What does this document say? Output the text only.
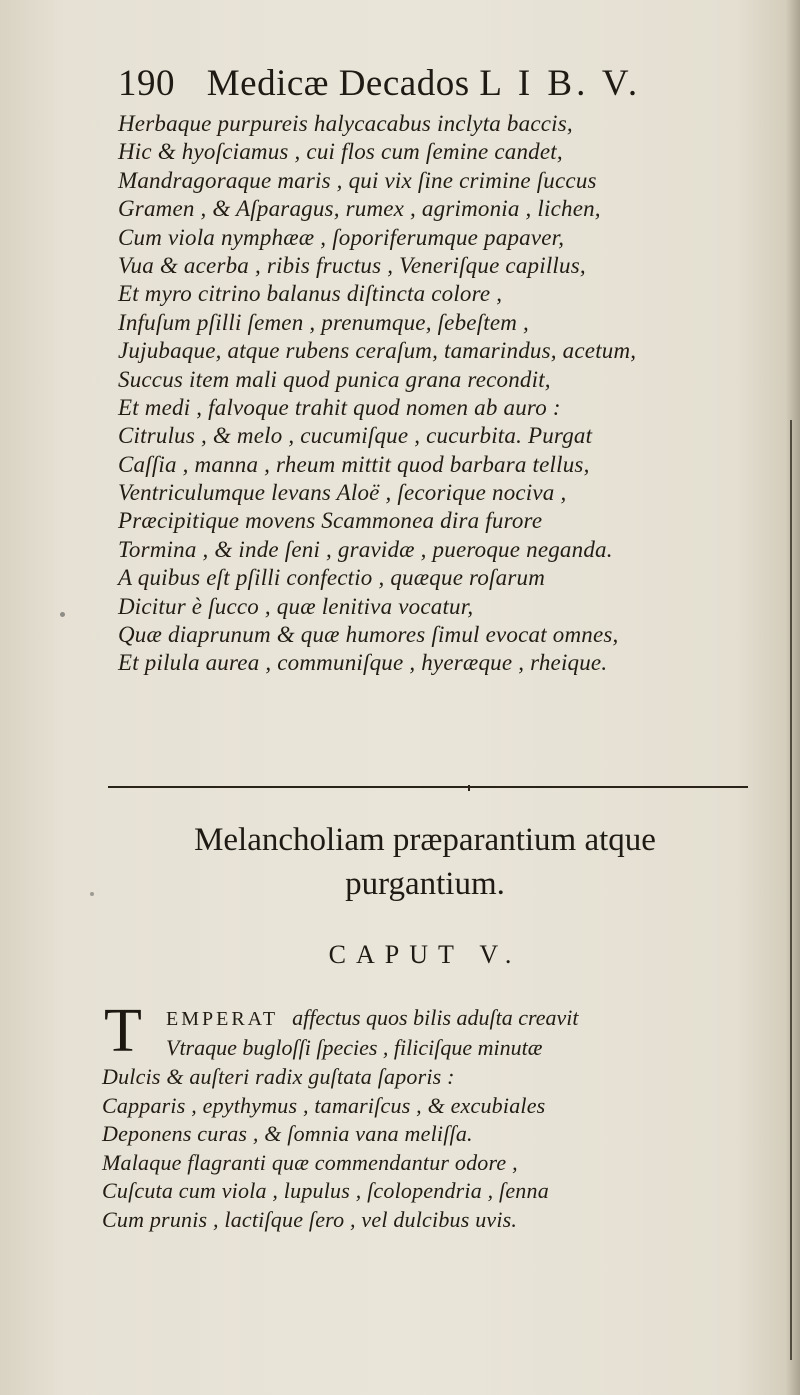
190 Medicæ Decados L I B. V.
Herbaque purpureis halycacabus inclyta baccis,
Hic & hyoſciamus , cui flos cum ſemine candet,
Mandragoraque maris , qui vix ſine crimine ſuccus
Gramen , & Aſparagus, rumex , agrimonia , lichen,
Cum viola nymphææ , ſoporiferumque papaver,
Vua & acerba , ribis fructus , Veneriſque capillus,
Et myro citrino balanus diſtincta colore ,
Infuſum pſilli ſemen , prenumque, ſebeſtem ,
Jujubaque, atque rubens ceraſum, tamarindus, acetum,
Succus item mali quod punica grana recondit,
Et medi , falvoque trahit quod nomen ab auro :
Citrulus , & melo , cucumiſque , cucurbita. Purgat
Caſſia , manna , rheum mittit quod barbara tellus,
Ventriculumque levans Aloë , ſecorique nociva ,
Præcipitique movens Scammonea dira furore
Tormina , & inde ſeni , gravidæ , pueroque neganda.
A quibus eſt pſilli confectio , quæque roſarum
Dicitur è ſucco , quæ lenitiva vocatur,
Quæ diaprunum & quæ humores ſimul evocat omnes,
Et pilula aurea , communiſque , hyeræque , rheique.
Melancholiam præparantium atque
purgantium.
CAPUT V.
T EMPERAT affectus quos bilis aduſta creavit
Vtraque bugloſſi ſpecies , filiciſque minutæ
Dulcis & auſteri radix guſtata ſaporis :
Capparis , epythymus , tamariſcus , & excubiales
Deponens curas , & ſomnia vana meliſſa.
Malaque flagranti quæ commendantur odore ,
Cuſcuta cum viola , lupulus , ſcolopendria , ſenna
Cum prunis , lactiſque ſero , vel dulcibus uvis.
